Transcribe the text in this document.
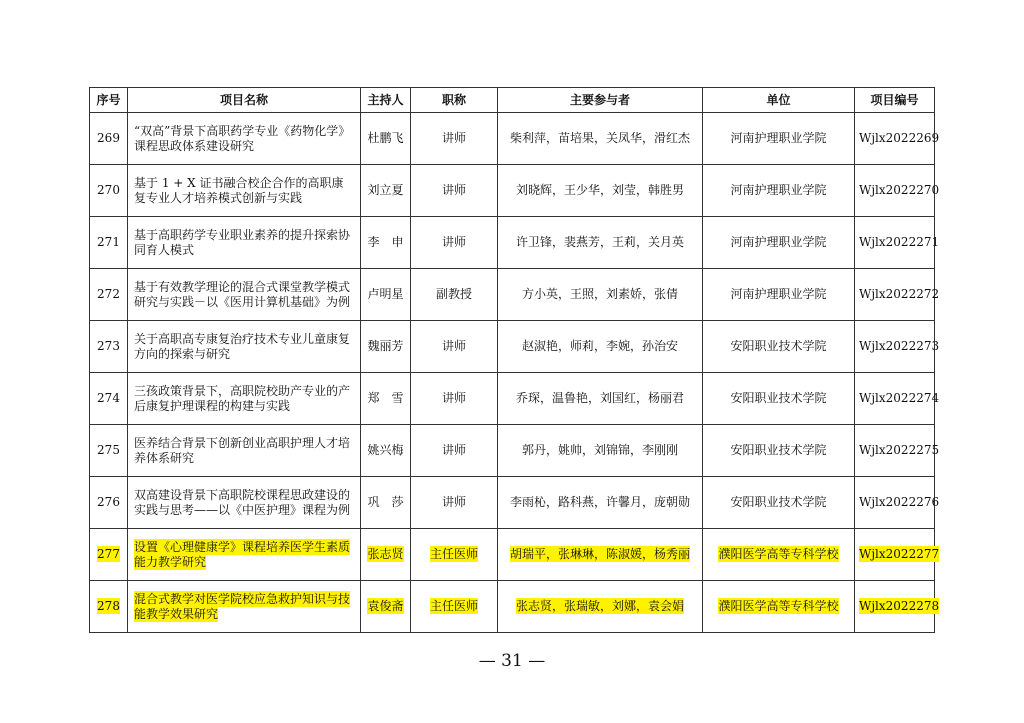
序号	项目名称	主持人	职称	主要参与者	单位	项目编号
269	“双高”背景下高职药学专业《药物化学》课程思政体系建设研究	杜鹏飞	讲师	柴利萍，苗培果，关凤华，滑红杰	河南护理职业学院	Wjlx2022269
270	基于 1 + X 证书融合校企合作的高职康复专业人才培养模式创新与实践	刘立夏	讲师	刘晓辉，王少华，刘莹，韩胜男	河南护理职业学院	Wjlx2022270
271	基于高职药学专业职业素养的提升探索协同育人模式	李　申	讲师	许卫锋，裴燕芳，王莉，关月英	河南护理职业学院	Wjlx2022271
272	基于有效教学理论的混合式课堂教学模式研究与实践－以《医用计算机基础》为例	卢明星	副教授	方小英，王照，刘素娇，张倩	河南护理职业学院	Wjlx2022272
273	关于高职高专康复治疗技术专业儿童康复方向的探索与研究	魏丽芳	讲师	赵淑艳，师莉，李婉，孙治安	安阳职业技术学院	Wjlx2022273
274	三孩政策背景下，高职院校助产专业的产后康复护理课程的构建与实践	郑　雪	讲师	乔琛，温鲁艳，刘国红，杨丽君	安阳职业技术学院	Wjlx2022274
275	医养结合背景下创新创业高职护理人才培养体系研究	姚兴梅	讲师	郭丹，姚帅，刘锦锦，李刚刚	安阳职业技术学院	Wjlx2022275
276	双高建设背景下高职院校课程思政建设的实践与思考——以《中医护理》课程为例	巩　莎	讲师	李雨杺，路科燕，许馨月，庞朝勋	安阳职业技术学院	Wjlx2022276
277	设置《心理健康学》课程培养医学生素质能力教学研究	张志贤	主任医师	胡瑞平，张琳琳，陈淑媛，杨秀丽	濮阳医学高等专科学校	Wjlx2022277
278	混合式教学对医学院校应急救护知识与技能教学效果研究	袁俊斋	主任医师	张志贤，张瑞敏，刘娜，袁会娟	濮阳医学高等专科学校	Wjlx2022278
— 31 —
